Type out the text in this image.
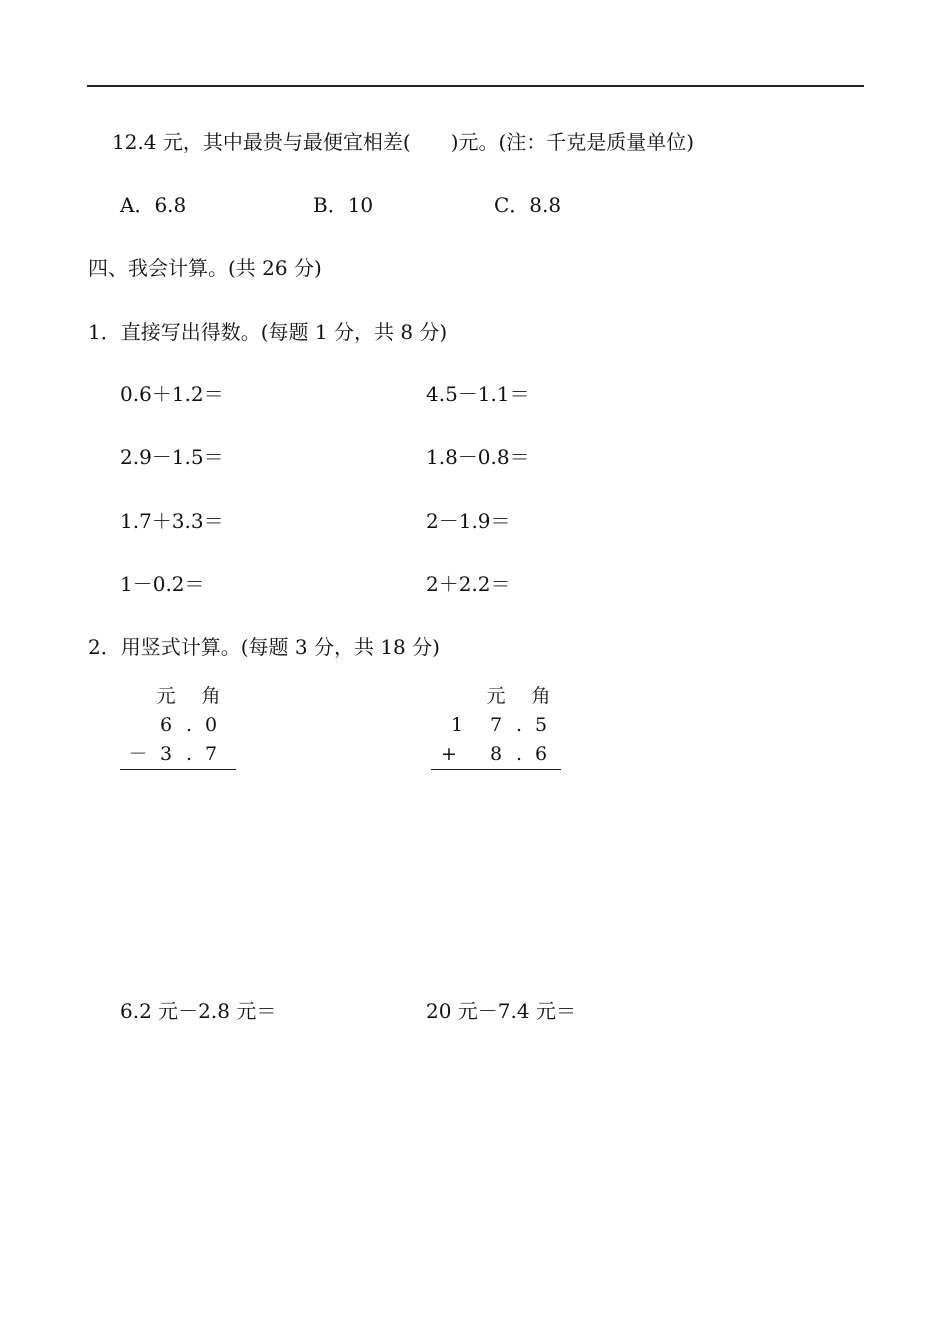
12.4 元，其中最贵与最便宜相差(　　)元。(注：千克是质量单位)
A．6.8	B．10	C．8.8
四、我会计算。(共 26 分)
1．直接写出得数。(每题 1 分，共 8 分)
0.6＋1.2＝	4.5－1.1＝
2.9－1.5＝	1.8－0.8＝
1.7＋3.3＝	2－1.9＝
1－0.2＝	2＋2.2＝
2．用竖式计算。(每题 3 分，共 18 分)
元 角
6 . 0
－ 3 . 7
元 角
1	7 . 5
+	8 . 6
6.2 元－2.8 元＝	20 元－7.4 元＝
